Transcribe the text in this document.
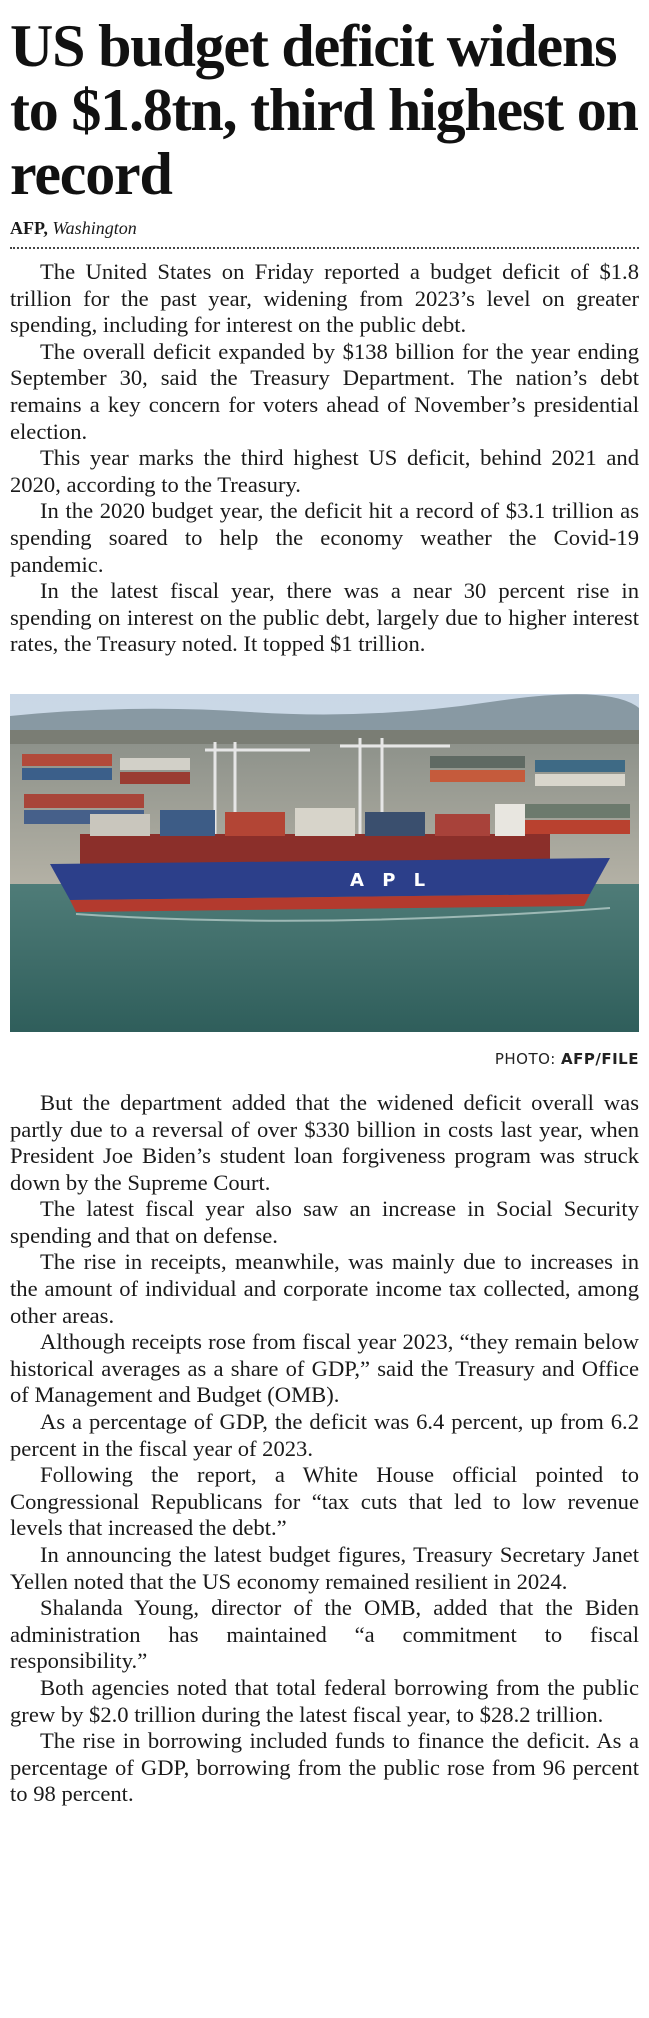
US budget deficit widens to $1.8tn, third highest on record
AFP, Washington

The United States on Friday reported a budget deficit of $1.8 trillion for the past year, widening from 2023’s level on greater spending, including for interest on the public debt.

The overall deficit expanded by $138 billion for the year ending September 30, said the Treasury Department. The nation’s debt remains a key concern for voters ahead of November’s presidential election.

This year marks the third highest US deficit, behind 2021 and 2020, according to the Treasury.

In the 2020 budget year, the deficit hit a record of $3.1 trillion as spending soared to help the economy weather the Covid-19 pandemic.

In the latest fiscal year, there was a near 30 percent rise in spending on interest on the public debt, largely due to higher interest rates, the Treasury noted. It topped $1 trillion.

A P L
PHOTO: AFP/FILE

But the department added that the widened deficit overall was partly due to a reversal of over $330 billion in costs last year, when President Joe Biden’s student loan forgiveness program was struck down by the Supreme Court.

The latest fiscal year also saw an increase in Social Security spending and that on defense.

The rise in receipts, meanwhile, was mainly due to increases in the amount of individual and corporate income tax collected, among other areas.

Although receipts rose from fiscal year 2023, “they remain below historical averages as a share of GDP,” said the Treasury and Office of Management and Budget (OMB).

As a percentage of GDP, the deficit was 6.4 percent, up from 6.2 percent in the fiscal year of 2023.

Following the report, a White House official pointed to Congressional Republicans for “tax cuts that led to low revenue levels that increased the debt.”

In announcing the latest budget figures, Treasury Secretary Janet Yellen noted that the US economy remained resilient in 2024.

Shalanda Young, director of the OMB, added that the Biden administration has maintained “a commitment to fiscal responsibility.”

Both agencies noted that total federal borrowing from the public grew by $2.0 trillion during the latest fiscal year, to $28.2 trillion.

The rise in borrowing included funds to finance the deficit. As a percentage of GDP, borrowing from the public rose from 96 percent to 98 percent.
